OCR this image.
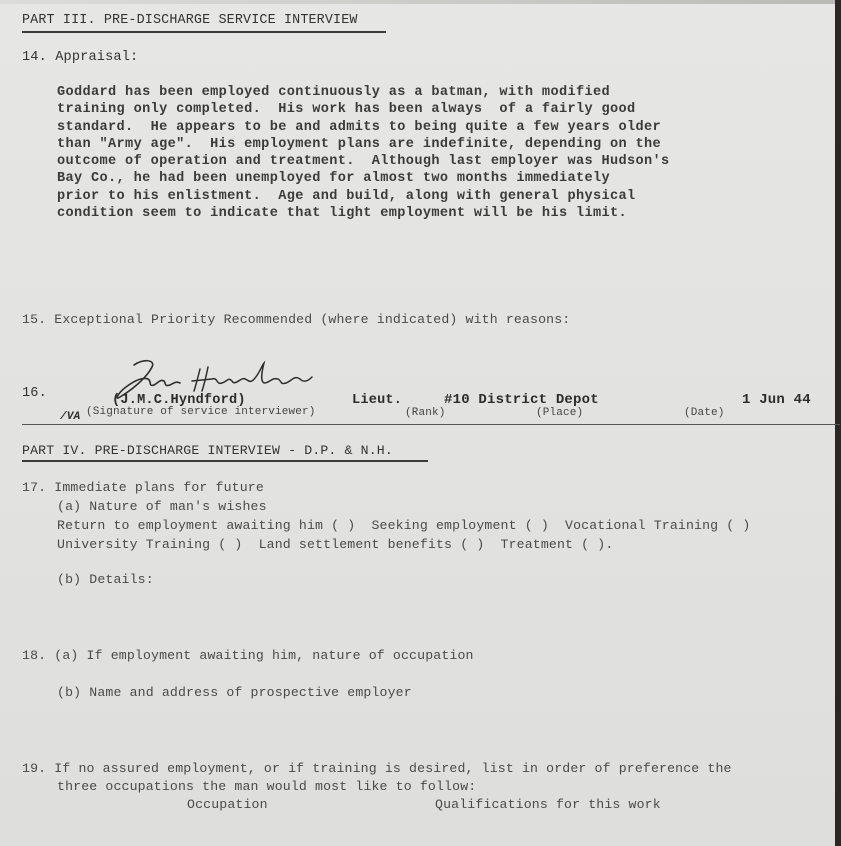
PART III. PRE-DISCHARGE SERVICE INTERVIEW
14. Appraisal:
Goddard has been employed continuously as a batman, with modified
training only completed.  His work has been always  of a fairly good
standard.  He appears to be and admits to being quite a few years older
than "Army age".  His employment plans are indefinite, depending on the
outcome of operation and treatment.  Although last employer was Hudson's
Bay Co., he had been unemployed for almost two months immediately
prior to his enlistment.  Age and build, along with general physical
condition seem to indicate that light employment will be his limit.
15. Exceptional Priority Recommended (where indicated) with reasons:
16.	(J.M.C.Hyndford)	Lieut.	#10 District Depot	1 Jun 44
/VA (Signature of service interviewer)	(Rank)	(Place)	(Date)
PART IV. PRE-DISCHARGE INTERVIEW - D.P. & N.H.
17. Immediate plans for future
(a) Nature of man's wishes
Return to employment awaiting him ( )  Seeking employment ( )  Vocational Training ( )
University Training ( )  Land settlement benefits ( )  Treatment ( ).
(b) Details:
18. (a) If employment awaiting him, nature of occupation
(b) Name and address of prospective employer
19. If no assured employment, or if training is desired, list in order of preference the
three occupations the man would most like to follow:
Occupation	Qualifications for this work
